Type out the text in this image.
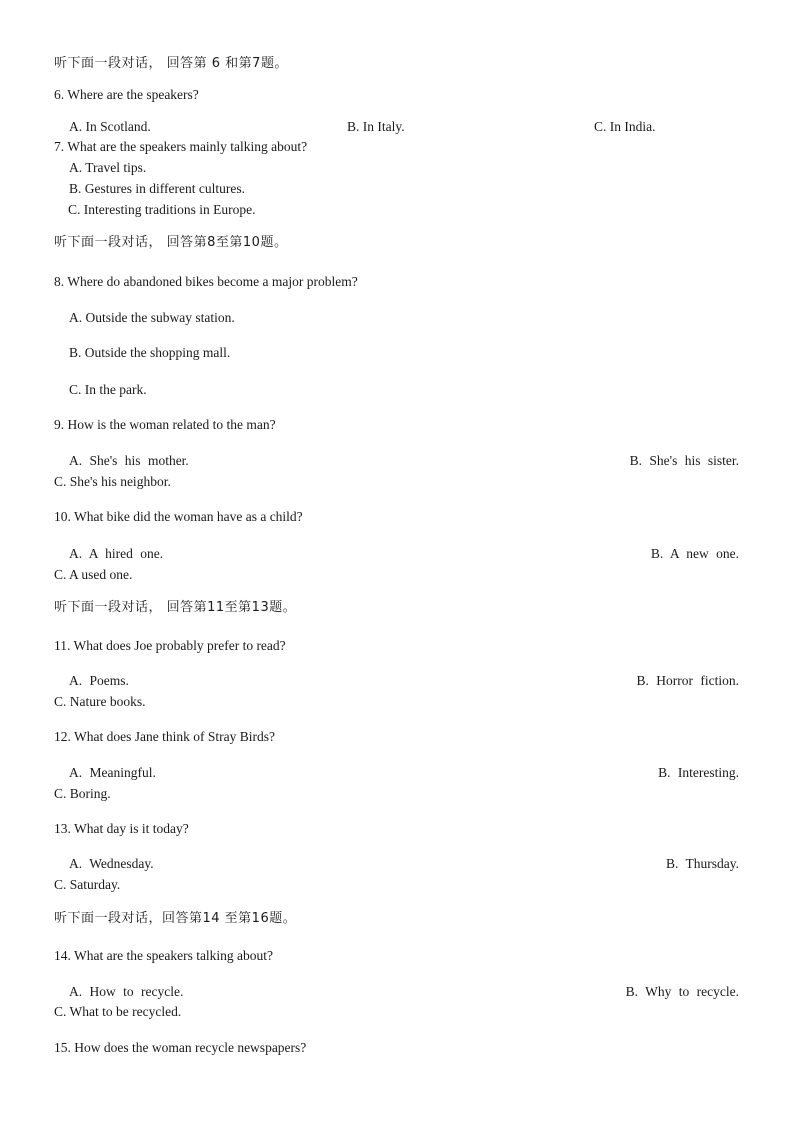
听下面一段对话， 回答第 6 和第7题。
6. Where are the speakers?
A. In Scotland.	B. In Italy.	C. In India.
7. What are the speakers mainly talking about?
A. Travel tips.
B. Gestures in different cultures.
C. Interesting traditions in Europe.
听下面一段对话， 回答第8至第10题。
8. Where do abandoned bikes become a major problem?
A. Outside the subway station.
B. Outside the shopping mall.
C. In the park.
9. How is the woman related to the man?
A. She's his mother.	B. She's his sister.
C. She's his neighbor.
10. What bike did the woman have as a child?
A. A hired one.	B. A new one.
C. A used one.
听下面一段对话， 回答第11至第13题。
11. What does Joe probably prefer to read?
A. Poems.	B. Horror fiction.
C. Nature books.
12. What does Jane think of Stray Birds?
A. Meaningful.	B. Interesting.
C. Boring.
13. What day is it today?
A. Wednesday.	B. Thursday.
C. Saturday.
听下面一段对话，回答第14 至第16题。
14. What are the speakers talking about?
A. How to recycle.	B. Why to recycle.
C. What to be recycled.
15. How does the woman recycle newspapers?
